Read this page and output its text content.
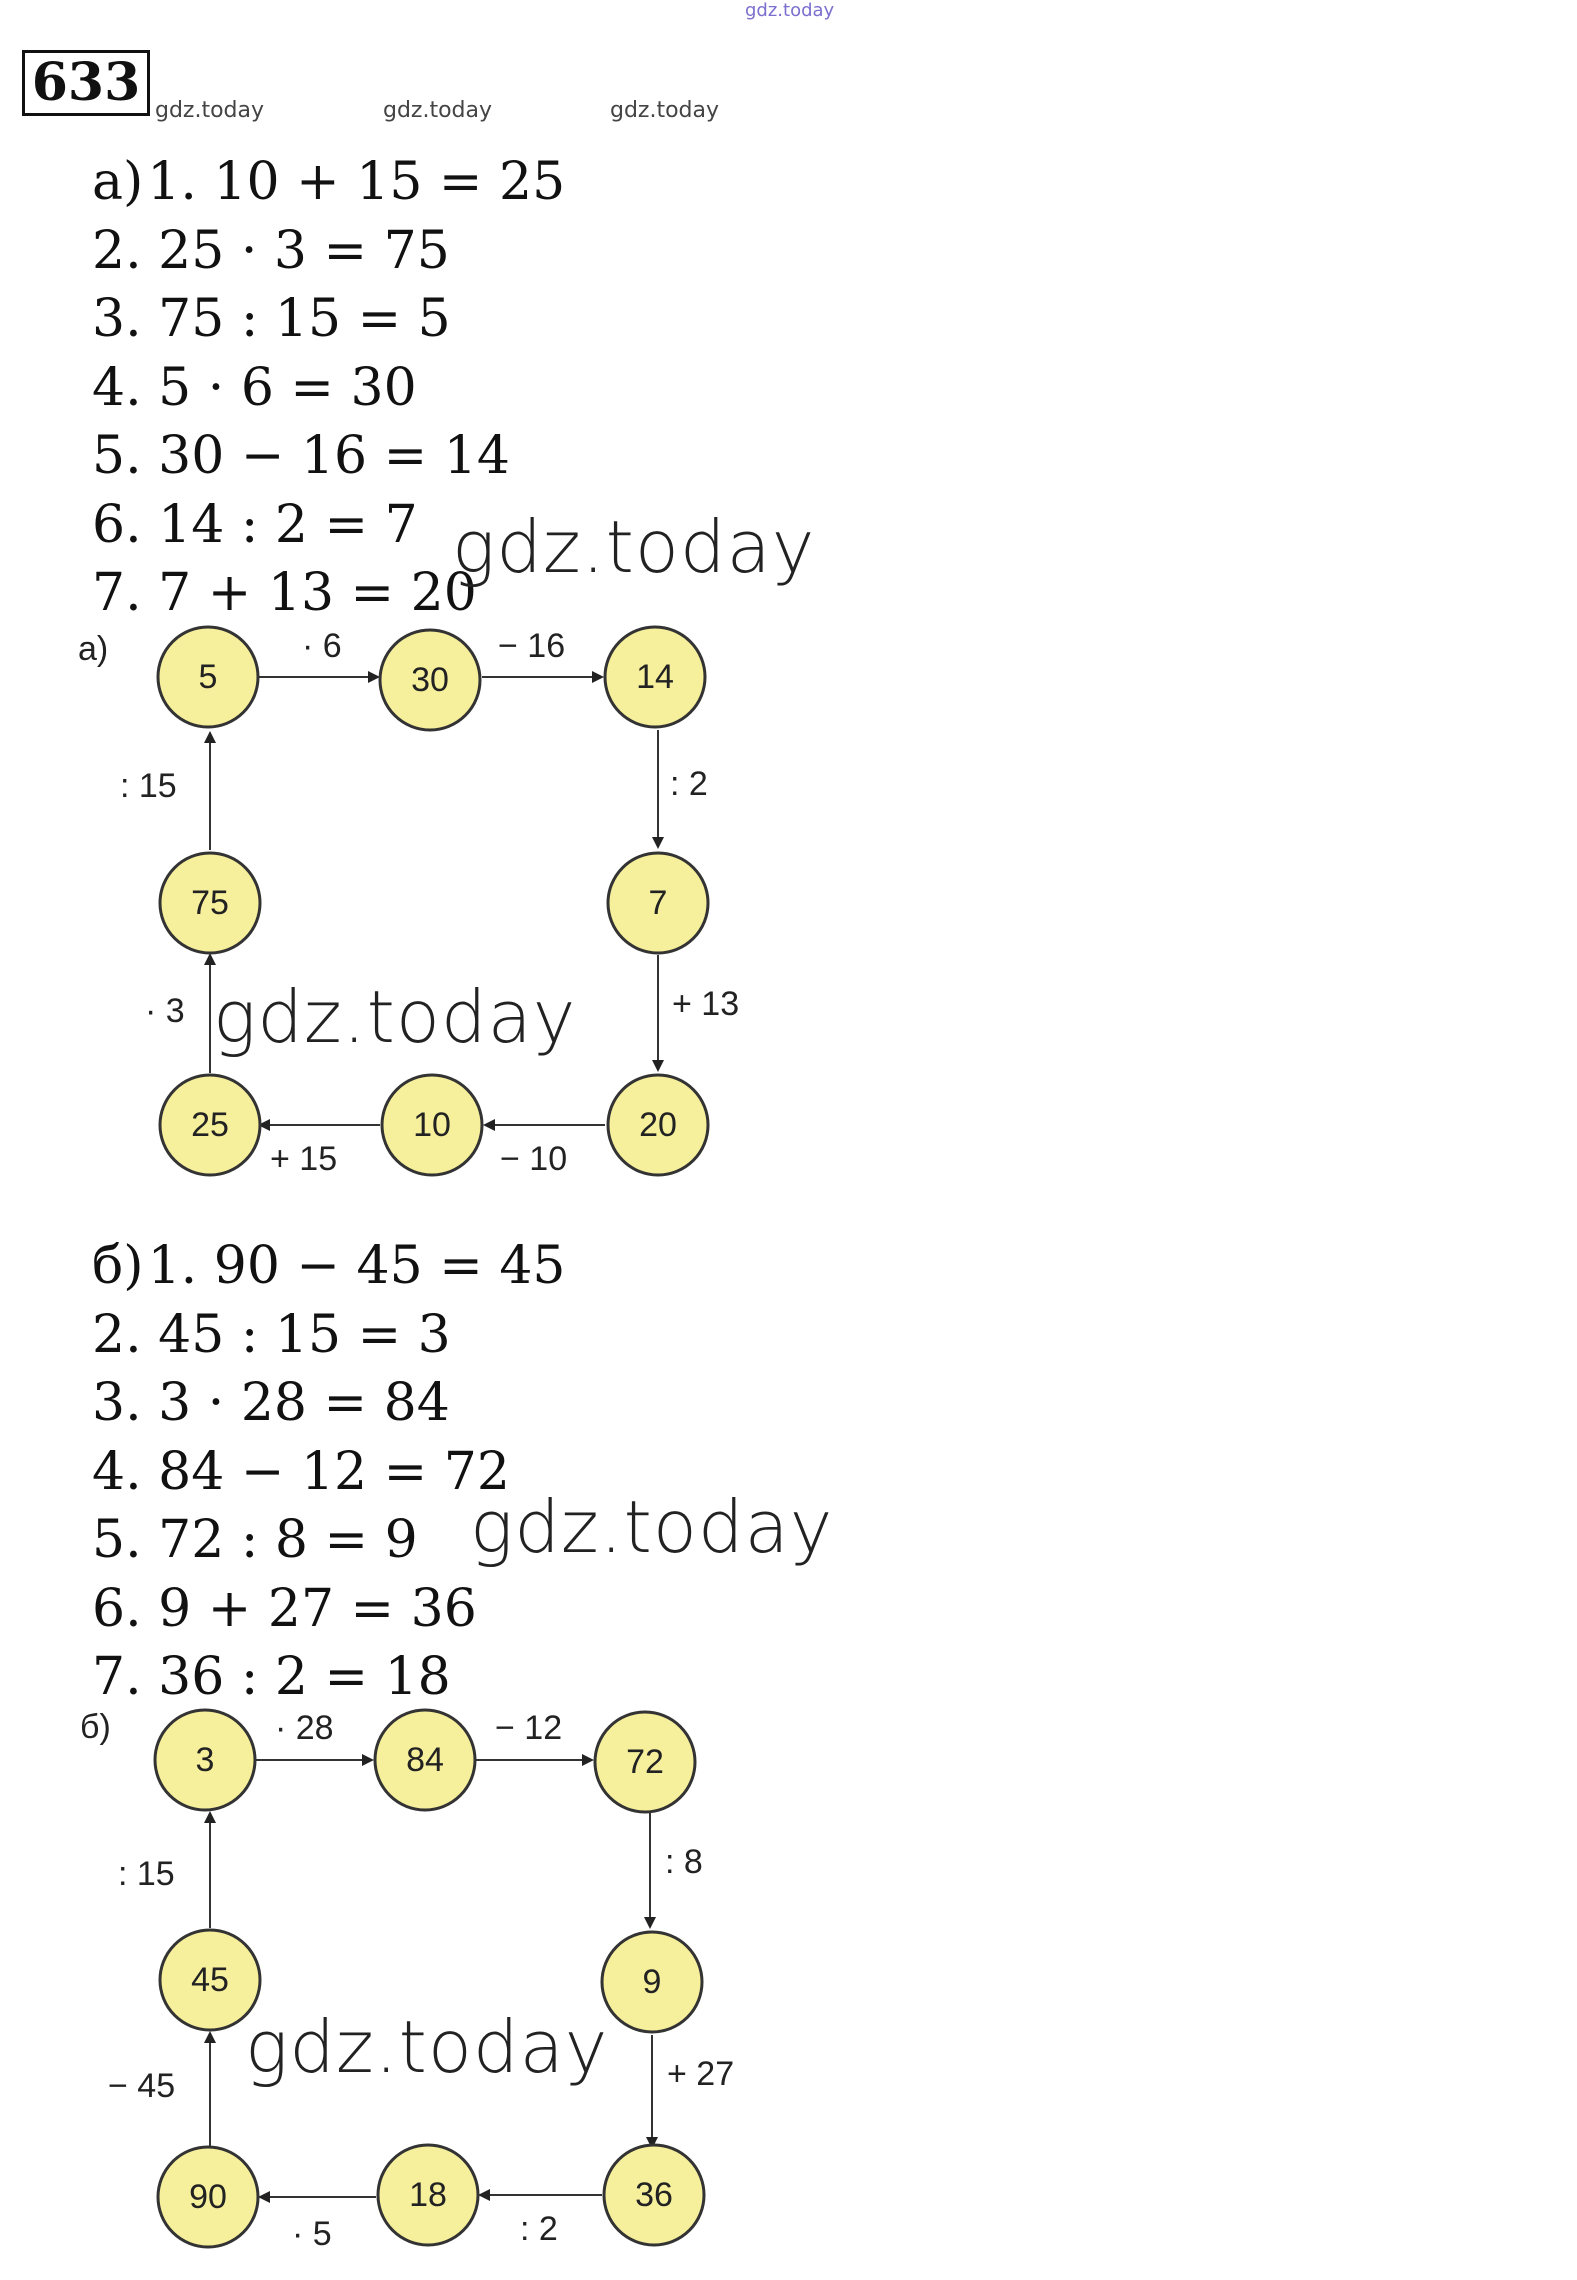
gdz.today
gdz.today	gdz.today	gdz.today
633
а)1. 10 + 15 = 25
2. 25 · 3 = 75
3. 75 : 15 = 5
4. 5 · 6 = 30
5. 30 − 16 = 14
6. 14 : 2 = 7
7. 7 + 13 = 20
а)
5	30	14
7
20
10
25
75
· 6	− 16
: 2
+ 13
− 10
+ 15
· 3
: 15
gdz.today
gdz.today
б)1. 90 − 45 = 45
2. 45 : 15 = 3
3. 3 · 28 = 84
4. 84 − 12 = 72
5. 72 : 8 = 9
6. 9 + 27 = 36
7. 36 : 2 = 18
gdz.today
б)
3	84	72
9
36
18
90
45
· 28	− 12
: 8
+ 27
: 2
· 5
− 45
: 15
gdz.today
